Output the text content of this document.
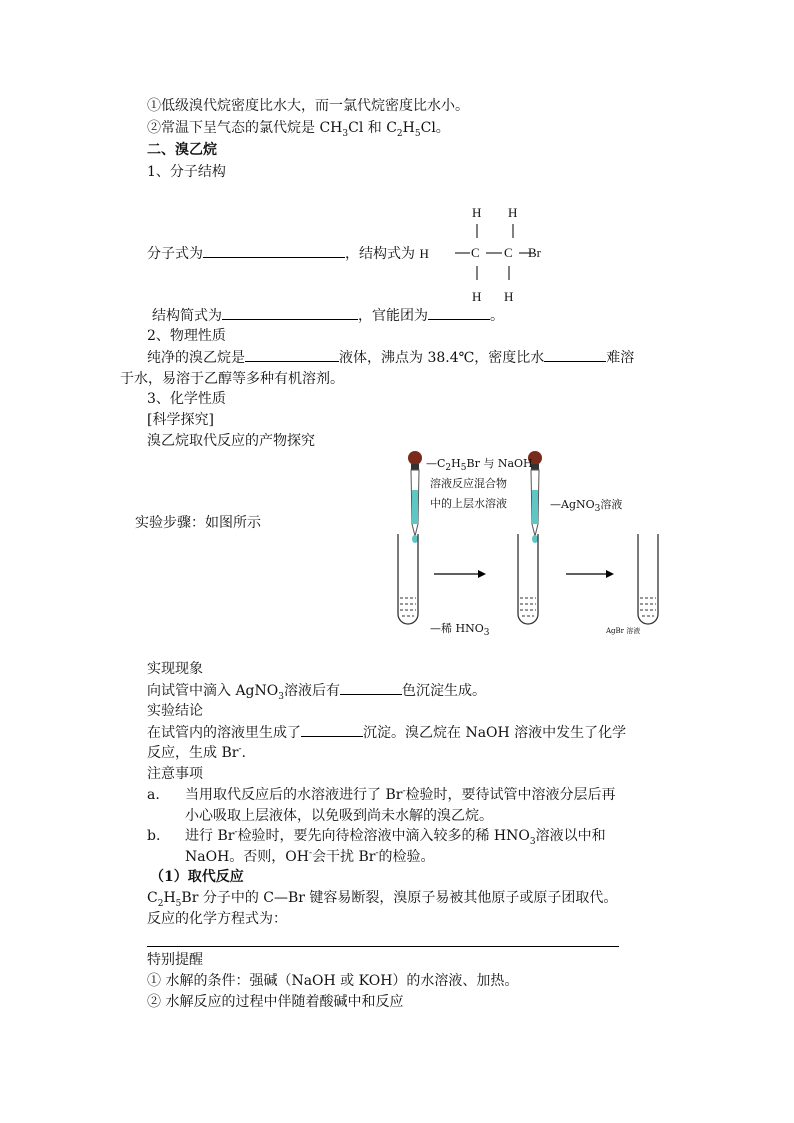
①低级溴代烷密度比水大，而一氯代烷密度比水小。
②常温下呈气态的氯代烷是 $CH_3Cl$ 和 $C_2H_5Cl$。
二、溴乙烷
1、分子结构
H H
H H
分子式为	，结构式为 H	C C Br
结构简式为	，官能团为	。
2、物理性质
纯净的溴乙烷是	液体，沸点为 38.4℃，密度比水	难溶
于水，易溶于乙醇等多种有机溶剂。
3、化学性质
[科学探究]
溴乙烷取代反应的产物探究
实验步骤：如图所示
$—C_2H_5Br$ 与 NaOH
溶液反应混合物
中的上层水溶液	—AgNO$_3$溶液
—稀 $HNO_3$	AgBr 溶液
实现现象
向试管中滴入 AgNO$_3$溶液后有	色沉淀生成。
实验结论
在试管内的溶液里生成了	沉淀。溴乙烷在 NaOH 溶液中发生了化学
反应，生成 Br-.
注意事项
a. 当用取代反应后的水溶液进行了 Br-检验时，要待试管中溶液分层后再
小心吸取上层液体，以免吸到尚未水解的溴乙烷。
b. 进行 Br-检验时，要先向待检溶液中滴入较多的稀 $HNO_3$溶液以中和
NaOH。否则，OH-会干扰 Br-的检验。
（1）取代反应
$C_2H_5Br$ 分子中的 C—Br 键容易断裂，溴原子易被其他原子或原子团取代。
反应的化学方程式为：
特别提醒
① 水解的条件：强碱（NaOH 或 KOH）的水溶液、加热。
② 水解反应的过程中伴随着酸碱中和反应
